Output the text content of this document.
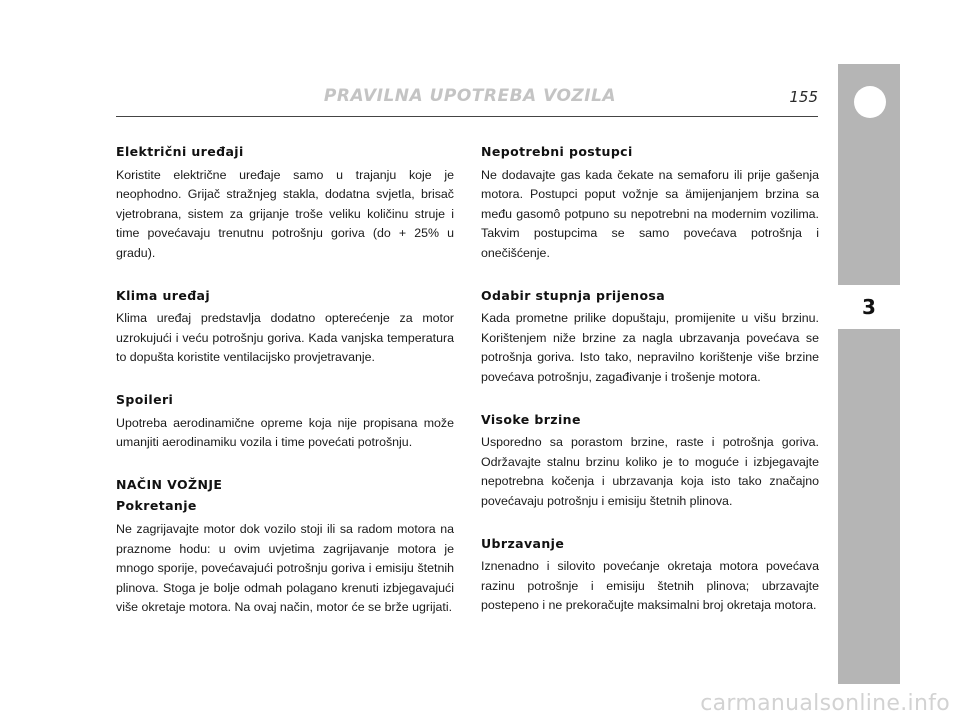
PRAVILNA UPOTREBA VOZILA	155
Električni uređaji

Koristite električne uređaje samo u trajanju koje je neophodno. Grijač stražnjeg stakla, dodatna svjetla, brisač vjetrobrana, sistem za grijanje troše veliku količinu struje i time povećavaju trenutnu potrošnju goriva (do + 25% u gradu).

Klima uređaj

Klima uređaj predstavlja dodatno opterećenje za motor uzrokujući i veću potrošnju goriva. Kada vanjska temperatura to dopušta koristite ventilacijsko provjetravanje.

Spoileri

Upotreba aerodinamične opreme koja nije propisana može umanjiti aerodinamiku vozila i time povećati potrošnju.

NAČIN VOŽNJE
Pokretanje

Ne zagrijavajte motor dok vozilo stoji ili sa radom motora na praznome hodu: u ovim uvjetima zagrijavanje motora je mnogo sporije, povećavajući potrošnju goriva i emisiju štetnih plinova. Stoga je bolje odmah polagano krenuti izbjegavajući više okretaje motora. Na ovaj način, motor će se brže ugrijati.

Nepotrebni postupci

Ne dodavajte gas kada čekate na semaforu ili prije gašenja motora. Postupci poput vožnje sa ämijenjanjem brzina sa među gasomô potpuno su nepotrebni na modernim vozilima. Takvim postupcima se samo povećava potrošnja i onečišćenje.

Odabir stupnja prijenosa

Kada prometne prilike dopuštaju, promijenite u višu brzinu. Korištenjem niže brzine za nagla ubrzavanja povećava se potrošnja goriva. Isto tako, nepravilno korištenje više brzine povećava potrošnju, zagađivanje i trošenje motora.

Visoke brzine

Usporedno sa porastom brzine, raste i potrošnja goriva. Održavajte stalnu brzinu koliko je to moguće i izbjegavajte nepotrebna kočenja i ubrzavanja koja isto tako značajno povećavaju potrošnju i emisiju štetnih plinova.

Ubrzavanje

Iznenadno i silovito povećanje okretaja motora povećava razinu potrošnje i emisiju štetnih plinova; ubrzavajte postepeno i ne prekoračujte maksimalni broj okretaja motora.

3
carmanualsonline.info
